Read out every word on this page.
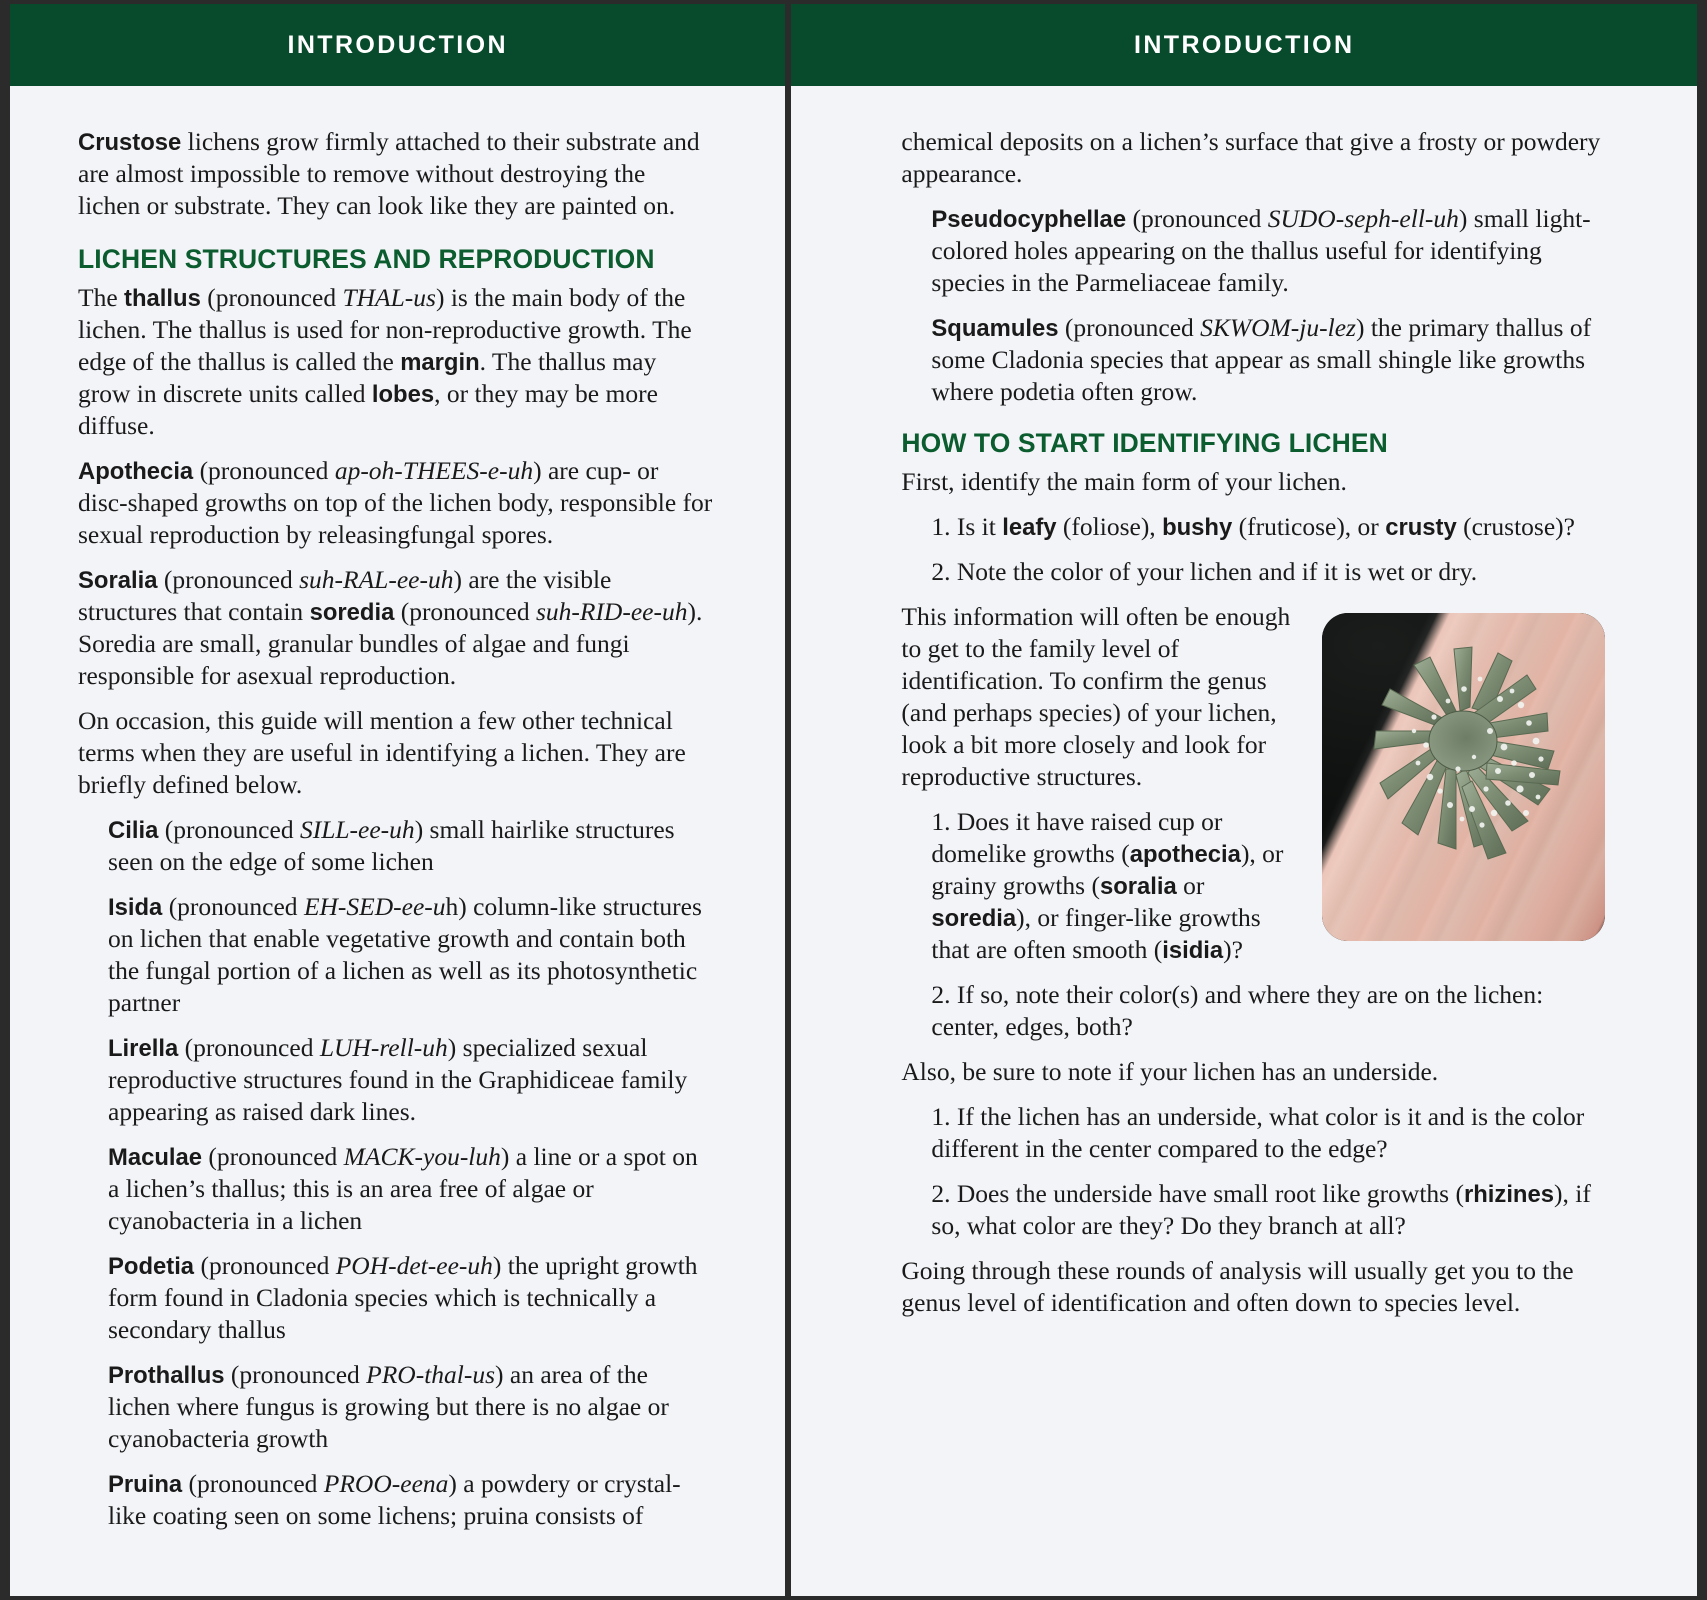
INTRODUCTION

Crustose lichens grow firmly attached to their substrate and are almost impossible to remove without destroying the lichen or substrate. They can look like they are painted on.

LICHEN STRUCTURES AND REPRODUCTION

The thallus (pronounced THAL-us) is the main body of the lichen. The thallus is used for non-reproductive growth. The edge of the thallus is called the margin. The thallus may grow in discrete units called lobes, or they may be more diffuse.

Apothecia (pronounced ap-oh-THEES-e-uh) are cup- or disc-shaped growths on top of the lichen body, responsible for sexual reproduction by releasingfungal spores.

Soralia (pronounced suh-RAL-ee-uh) are the visible structures that contain soredia (pronounced suh-RID-ee-uh). Soredia are small, granular bundles of algae and fungi responsible for asexual reproduction.

On occasion, this guide will mention a few other technical terms when they are useful in identifying a lichen. They are briefly defined below.

Cilia (pronounced SILL-ee-uh) small hairlike structures seen on the edge of some lichen

Isida (pronounced EH-SED-ee-uh) column-like structures on lichen that enable vegetative growth and contain both the fungal portion of a lichen as well as its photosynthetic partner

Lirella (pronounced LUH-rell-uh) specialized sexual reproductive structures found in the Graphidiceae family appearing as raised dark lines.

Maculae (pronounced MACK-you-luh) a line or a spot on a lichen’s thallus; this is an area free of algae or cyanobacteria in a lichen

Podetia (pronounced POH-det-ee-uh) the upright growth form found in Cladonia species which is technically a secondary thallus

Prothallus (pronounced PRO-thal-us) an area of the lichen where fungus is growing but there is no algae or cyanobacteria growth

Pruina (pronounced PROO-eena) a powdery or crystal-like coating seen on some lichens; pruina consists of

INTRODUCTION

chemical deposits on a lichen’s surface that give a frosty or powdery appearance.

Pseudocyphellae (pronounced SUDO-seph-ell-uh) small light-colored holes appearing on the thallus useful for identifying species in the Parmeliaceae family.

Squamules (pronounced SKWOM-ju-lez) the primary thallus of some Cladonia species that appear as small shingle like growths where podetia often grow.

HOW TO START IDENTIFYING LICHEN

First, identify the main form of your lichen.

1. Is it leafy (foliose), bushy (fruticose), or crusty (crustose)?

2. Note the color of your lichen and if it is wet or dry.

This information will often be enough to get to the family level of identification. To confirm the genus (and perhaps species) of your lichen, look a bit more closely and look for reproductive structures.

1. Does it have raised cup or domelike growths (apothecia), or grainy growths (soralia or soredia), or finger-like growths that are often smooth (isidia)?

2. If so, note their color(s) and where they are on the lichen: center, edges, both?

Also, be sure to note if your lichen has an underside.

1. If the lichen has an underside, what color is it and is the color different in the center compared to the edge?

2. Does the underside have small root like growths (rhizines), if so, what color are they? Do they branch at all?

Going through these rounds of analysis will usually get you to the genus level of identification and often down to species level.
